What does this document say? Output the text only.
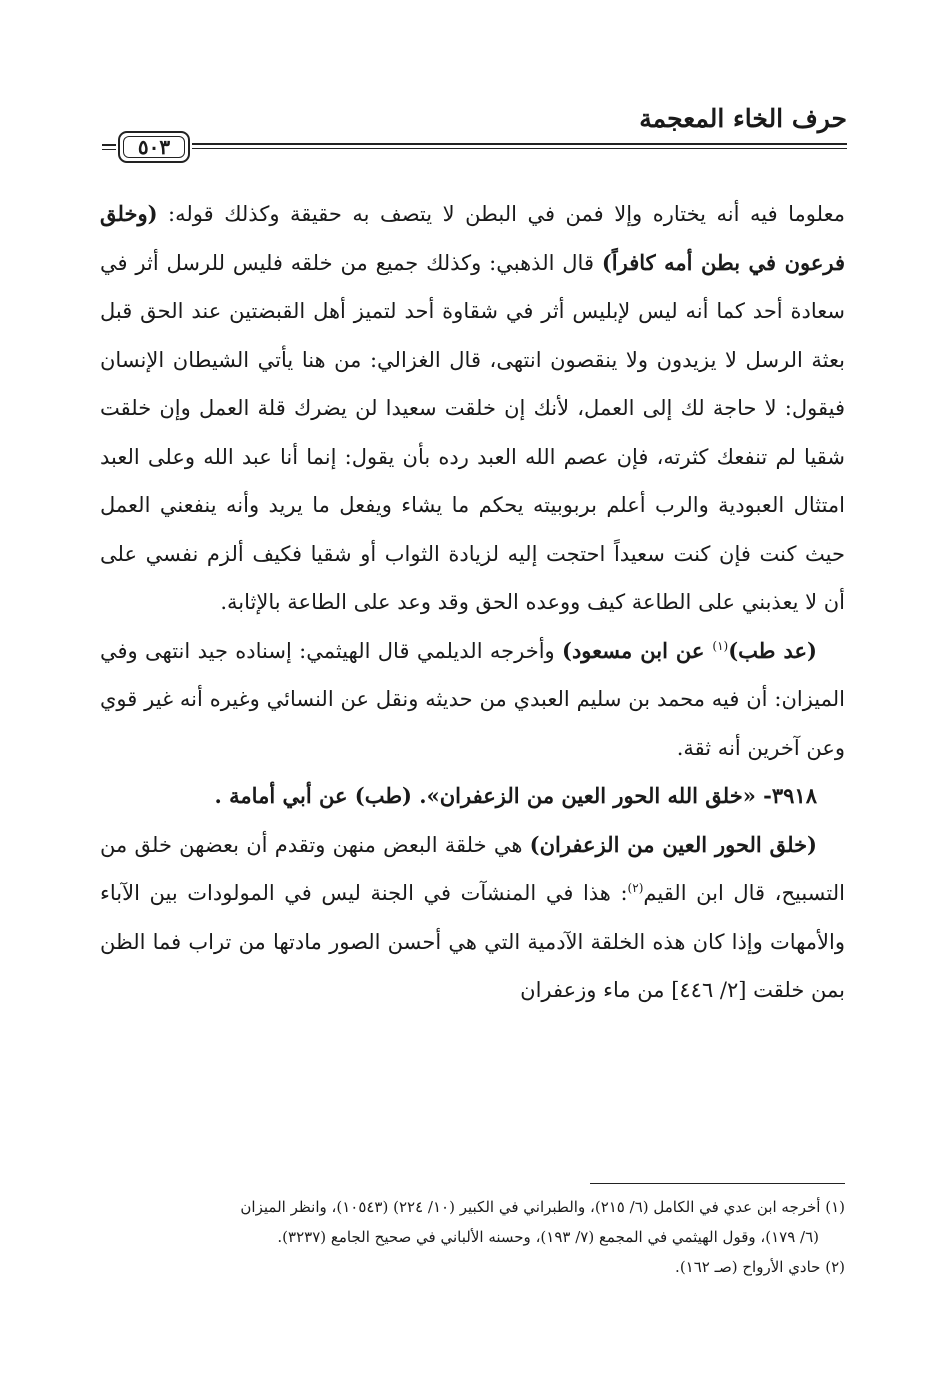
حرف الخاء المعجمة
٥٠٣

معلوما فيه أنه يختاره وإلا فمن في البطن لا يتصف به حقيقة وكذلك قوله: (وخلق فرعون في بطن أمه كافراً) قال الذهبي: وكذلك جميع من خلقه فليس للرسل أثر في سعادة أحد كما أنه ليس لإبليس أثر في شقاوة أحد لتميز أهل القبضتين عند الحق قبل بعثة الرسل لا يزيدون ولا ينقصون انتهى، قال الغزالي: من هنا يأتي الشيطان الإنسان فيقول: لا حاجة لك إلى العمل، لأنك إن خلقت سعيدا لن يضرك قلة العمل وإن خلقت شقيا لم تنفعك كثرته، فإن عصم الله العبد رده بأن يقول: إنما أنا عبد الله وعلى العبد امتثال العبودية والرب أعلم بربوبيته يحكم ما يشاء ويفعل ما يريد وأنه ينفعني العمل حيث كنت فإن كنت سعيداً احتجت إليه لزيادة الثواب أو شقيا فكيف ألزم نفسي على أن لا يعذبني على الطاعة كيف ووعده الحق وقد وعد على الطاعة بالإثابة.

(عد طب)$^{(١)}$ عن ابن مسعود) وأخرجه الديلمي قال الهيثمي: إسناده جيد انتهى وفي الميزان: أن فيه محمد بن سليم العبدي من حديثه ونقل عن النسائي وغيره أنه غير قوي وعن آخرين أنه ثقة.

٣٩١٨- «خلق الله الحور العين من الزعفران». (طب) عن أبي أمامة .

(خلق الحور العين من الزعفران) هي خلقة البعض منهن وتقدم أن بعضهن خلق من التسبيح، قال ابن القيم$^{(٢)}$: هذا في المنشآت في الجنة ليس في المولودات بين الآباء والأمهات وإذا كان هذه الخلقة الآدمية التي هي أحسن الصور مادتها من تراب فما الظن بمن خلقت [٢/ ٤٤٦] من ماء وزعفران

(١) أخرجه ابن عدي في الكامل (٦/ ٢١٥)، والطبراني في الكبير (١٠/ ٢٢٤) (١٠٥٤٣)، وانظر الميزان

(٦/ ١٧٩)، وقول الهيثمي في المجمع (٧/ ١٩٣)، وحسنه الألباني في صحيح الجامع (٣٢٣٧).

(٢) حادي الأرواح (صـ ١٦٢).
